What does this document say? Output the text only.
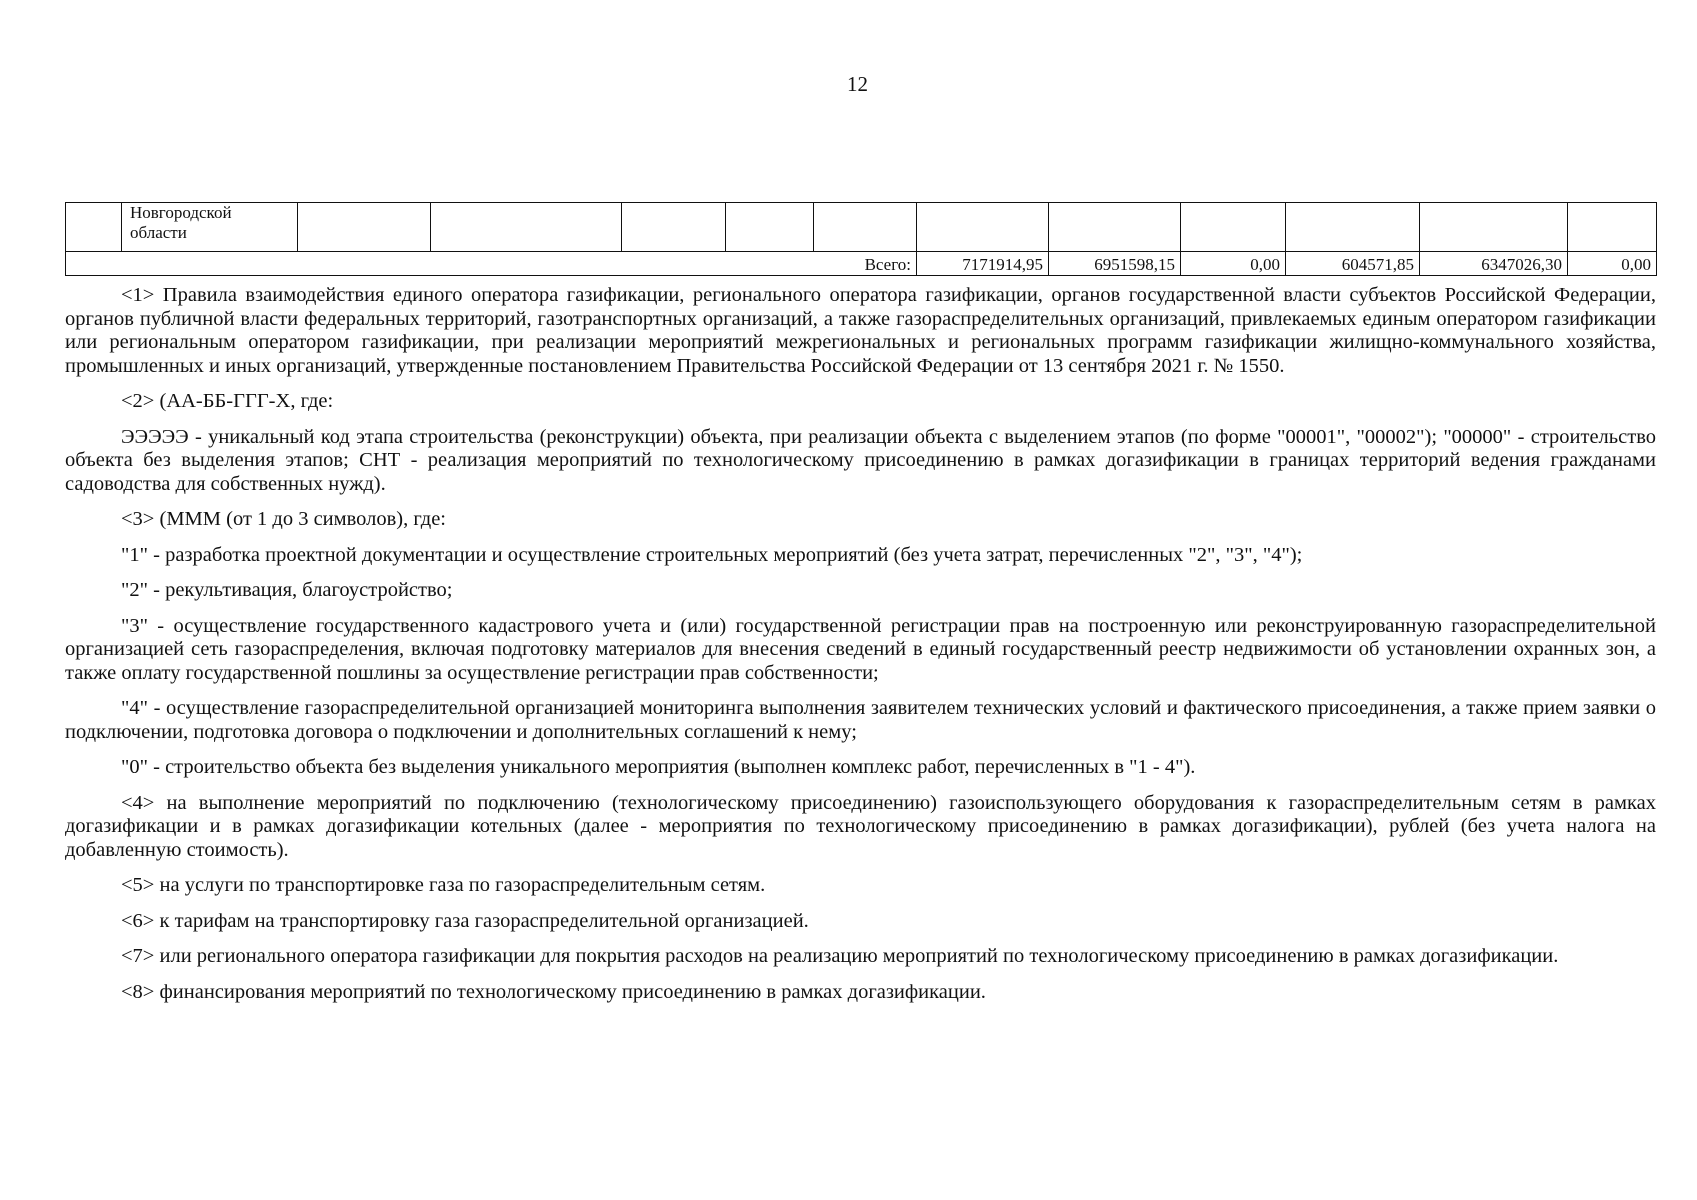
12
	Новгородской области											
Всего:							7171914,95	6951598,15	0,00	604571,85	6347026,30	0,00

<1> Правила взаимодействия единого оператора газификации, регионального оператора газификации, органов государственной власти субъектов Российской Федерации, органов публичной власти федеральных территорий, газотранспортных организаций, а также газораспределительных организаций, привлекаемых единым оператором газификации или региональным оператором газификации, при реализации мероприятий межрегиональных и региональных программ газификации жилищно-коммунального хозяйства, промышленных и иных организаций, утвержденные постановлением Правительства Российской Федерации от 13 сентября 2021 г. № 1550.

<2> (АА-ББ-ГГГ-Х, где:

ЭЭЭЭЭ - уникальный код этапа строительства (реконструкции) объекта, при реализации объекта с выделением этапов (по форме "00001", "00002"); "00000" - строительство объекта без выделения этапов; СНТ - реализация мероприятий по технологическому присоединению в рамках догазификации в границах территорий ведения гражданами садоводства для собственных нужд).

<3> (МММ (от 1 до 3 символов), где:

"1" - разработка проектной документации и осуществление строительных мероприятий (без учета затрат, перечисленных "2", "3", "4");

"2" - рекультивация, благоустройство;

"3" - осуществление государственного кадастрового учета и (или) государственной регистрации прав на построенную или реконструированную газораспределительной организацией сеть газораспределения, включая подготовку материалов для внесения сведений в единый государственный реестр недвижимости об установлении охранных зон, а также оплату государственной пошлины за осуществление регистрации прав собственности;

"4" - осуществление газораспределительной организацией мониторинга выполнения заявителем технических условий и фактического присоединения, а также прием заявки о подключении, подготовка договора о подключении и дополнительных соглашений к нему;

"0" - строительство объекта без выделения уникального мероприятия (выполнен комплекс работ, перечисленных в "1 - 4").

<4> на выполнение мероприятий по подключению (технологическому присоединению) газоиспользующего оборудования к газораспределительным сетям в рамках догазификации и в рамках догазификации котельных (далее - мероприятия по технологическому присоединению в рамках догазификации), рублей (без учета налога на добавленную стоимость).

<5> на услуги по транспортировке газа по газораспределительным сетям.

<6> к тарифам на транспортировку газа газораспределительной организацией.

<7> или регионального оператора газификации для покрытия расходов на реализацию мероприятий по технологическому присоединению в рамках догазификации.

<8> финансирования мероприятий по технологическому присоединению в рамках догазификации.
